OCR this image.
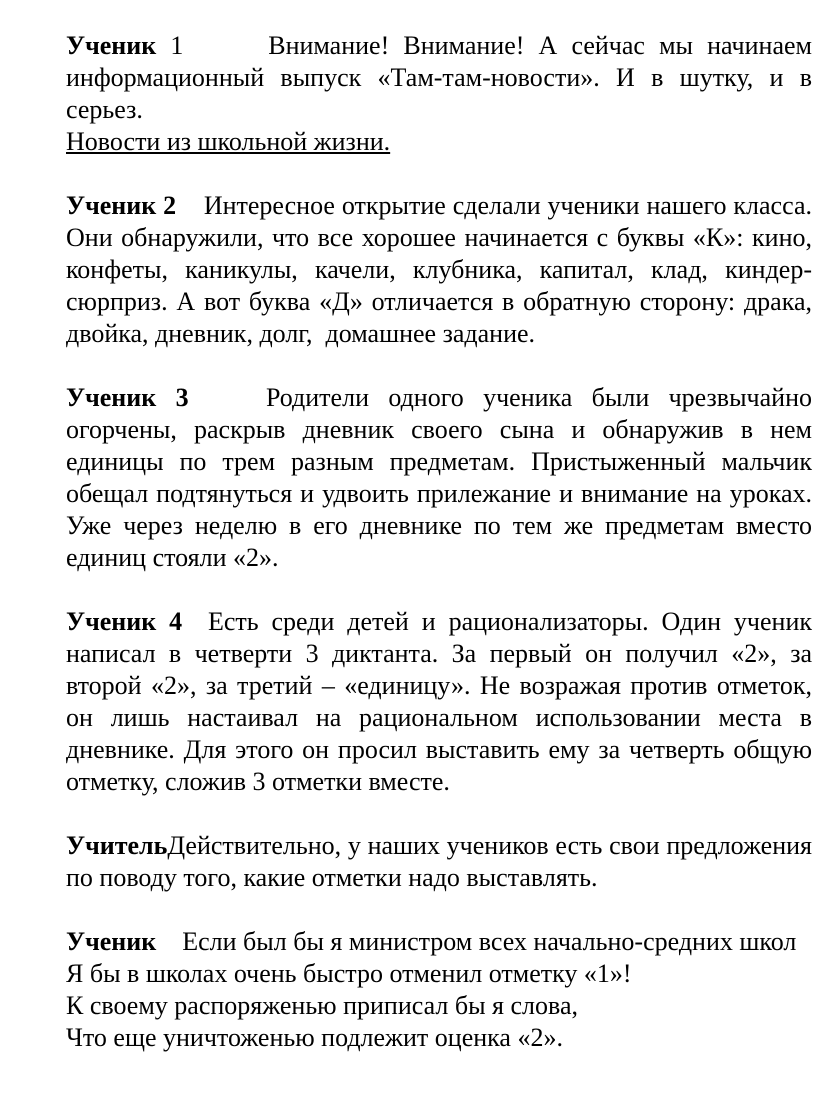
Ученик 1      Внимание! Внимание! А сейчас мы начинаем информационный выпуск «Там-там-новости». И в шутку, и в серьез.

Новости из школьной жизни.

Ученик 2    Интересное открытие сделали ученики нашего класса. Они обнаружили, что все хорошее начинается с буквы «К»: кино, конфеты, каникулы, качели, клубника, капитал, клад, киндер-сюрприз. А вот буква «Д» отличается в обратную сторону: драка, двойка, дневник, долг,  домашнее задание.

Ученик 3    Родители одного ученика были чрезвычайно огорчены, раскрыв дневник своего сына и обнаружив в нем единицы по трем разным предметам. Пристыженный мальчик обещал подтянуться и удвоить прилежание и внимание на уроках. Уже через неделю в его дневнике по тем же предметам вместо единиц стояли «2».

Ученик 4  Есть среди детей и рационализаторы. Один ученик написал в четверти 3 диктанта. За первый он получил «2», за второй «2», за третий – «единицу». Не возражая против отметок, он лишь настаивал на рациональном использовании места в дневнике. Для этого он просил выставить ему за четверть общую отметку, сложив 3 отметки вместе.

УчительДействительно, у наших учеников есть свои предложения по поводу того, какие отметки надо выставлять.

Ученик    Если был бы я министром всех начально-средних школ

Я бы в школах очень быстро отменил отметку «1»!

К своему распоряженью приписал бы я слова,

Что еще уничтоженью подлежит оценка «2».
